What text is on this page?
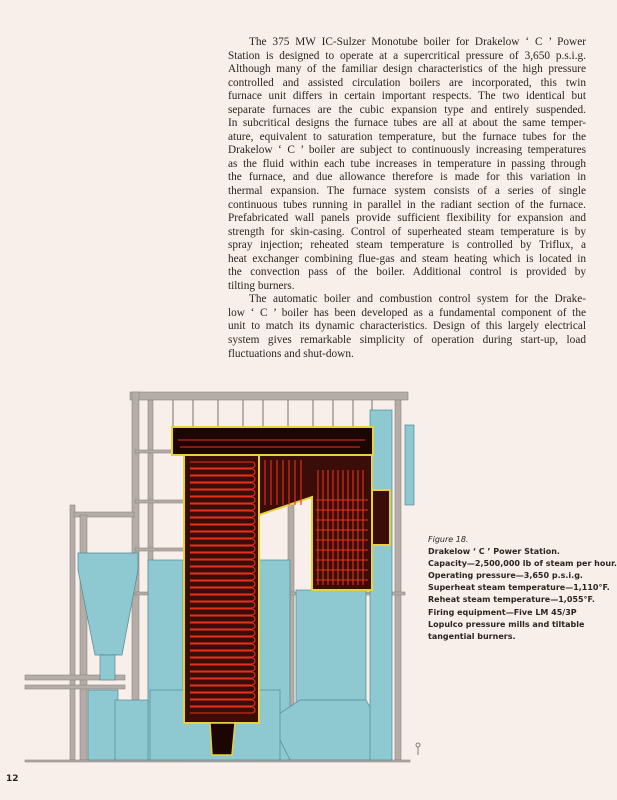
The 375 MW IC-Sulzer Monotube boiler for Drakelow ‘ C ’ Power
Station is designed to operate at a supercritical pressure of 3,650 p.s.i.g.
Although many of the familiar design characteristics of the high pressure
controlled and assisted circulation boilers are incorporated, this twin
furnace unit differs in certain important respects. The two identical but
separate furnaces are the cubic expansion type and entirely suspended.
In subcritical designs the furnace tubes are all at about the same temper-
ature, equivalent to saturation temperature, but the furnace tubes for the
Drakelow ‘ C ’ boiler are subject to continuously increasing temperatures
as the fluid within each tube increases in temperature in passing through
the furnace, and due allowance therefore is made for this variation in
thermal expansion. The furnace system consists of a series of single
continuous tubes running in parallel in the radiant section of the furnace.
Prefabricated wall panels provide sufficient flexibility for expansion and
strength for skin-casing. Control of superheated steam temperature is by
spray injection; reheated steam temperature is controlled by Triflux, a
heat exchanger combining flue-gas and steam heating which is located in
the convection pass of the boiler. Additional control is provided by
tilting burners.
The automatic boiler and combustion control system for the Drake-
low ‘ C ’ boiler has been developed as a fundamental component of the
unit to match its dynamic characteristics. Design of this largely electrical
system gives remarkable simplicity of operation during start-up, load
fluctuations and shut-down.
Figure 18.
Drakelow ‘ C ’ Power Station.
Capacity—2,500,000 lb of steam per hour.
Operating pressure—3,650 p.s.i.g.
Superheat steam temperature—1,110°F.
Reheat steam temperature—1,055°F.
Firing equipment—Five LM 45/3P
Lopulco pressure mills and tiltable
tangential burners.
12
